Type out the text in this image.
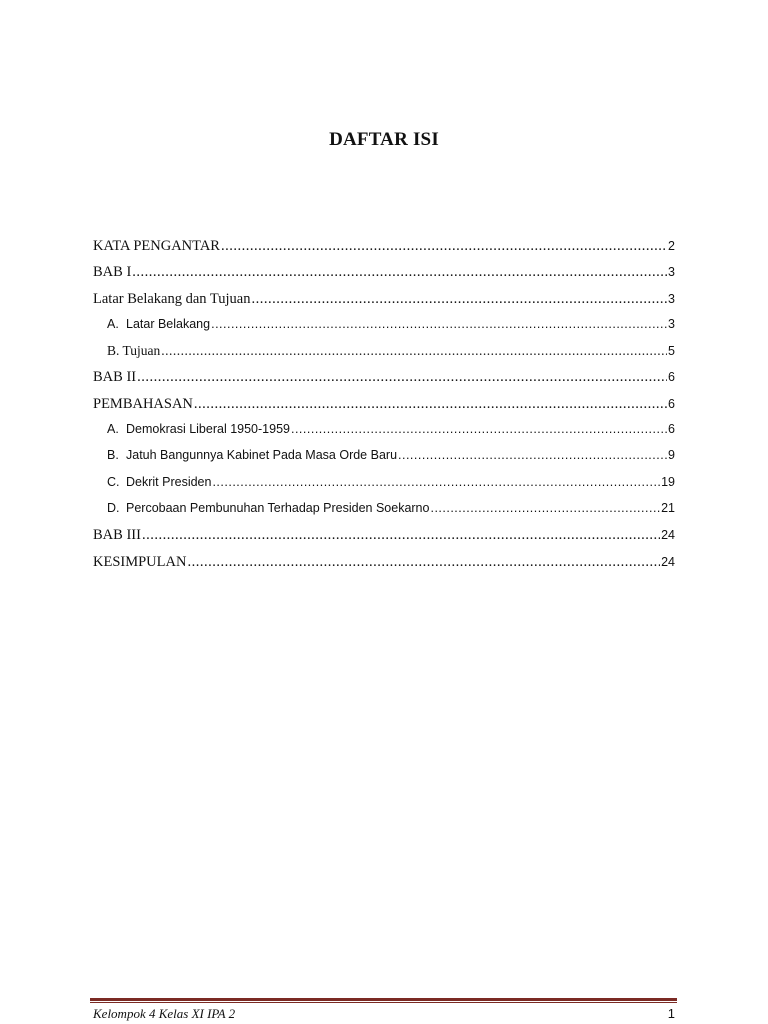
DAFTAR ISI
KATA PENGANTAR .....	2
BAB I .....	3
Latar Belakang dan Tujuan .....	3
A. Latar Belakang .....	3
B. Tujuan .....	5
BAB II .....	6
PEMBAHASAN .....	6
A. Demokrasi Liberal 1950-1959 .....	6
B. Jatuh Bangunnya Kabinet Pada Masa Orde Baru .....	9
C. Dekrit Presiden .....	19
D. Percobaan Pembunuhan Terhadap Presiden Soekarno .....	21
BAB III .....	24
KESIMPULAN .....	24
Kelompok 4 Kelas XI IPA 2	1
